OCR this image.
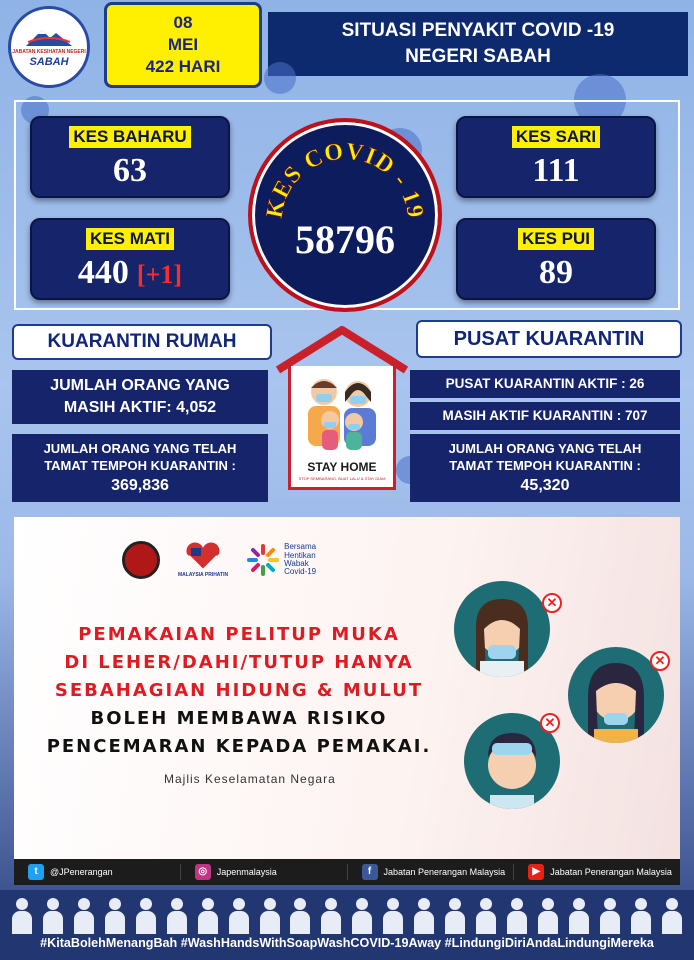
JABATAN KESIHATAN NEGERI
SABAH
08
MEI
422 HARI
SITUASI PENYAKIT COVID -19
NEGERI SABAH
KES BAHARU
63
KES MATI
440 [+1]
KES SARI
111
KES PUI
89
KES COVID - 19
58796
KUARANTIN RUMAH
JUMLAH ORANG YANG
MASIH AKTIF: 4,052
JUMLAH ORANG YANG TELAH
TAMAT TEMPOH KUARANTIN :
369,836
STAY HOME
STOP SEMBARANG, BUAT LALU & STAY DIAM
PUSAT KUARANTIN
PUSAT KUARANTIN AKTIF : 26
MASIH AKTIF KUARANTIN : 707
JUMLAH ORANG YANG TELAH
TAMAT TEMPOH KUARANTIN :
45,320
MALAYSIA PRIHATIN
Bersama Hentikan Wabak Covid-19
PEMAKAIAN PELITUP MUKA
DI LEHER/DAHI/TUTUP HANYA
SEBAHAGIAN HIDUNG & MULUT
BOLEH MEMBAWA RISIKO
PENCEMARAN KEPADA PEMAKAI.
Majlis Keselamatan Negara
✕
✕
✕
t	@JPenerangan	◎	Japenmalaysia	f	Jabatan Penerangan Malaysia	▶	Jabatan Penerangan Malaysia
#KitaBolehMenangBah #WashHandsWithSoapWashCOVID-19Away #LindungiDiriAndaLindungiMereka
